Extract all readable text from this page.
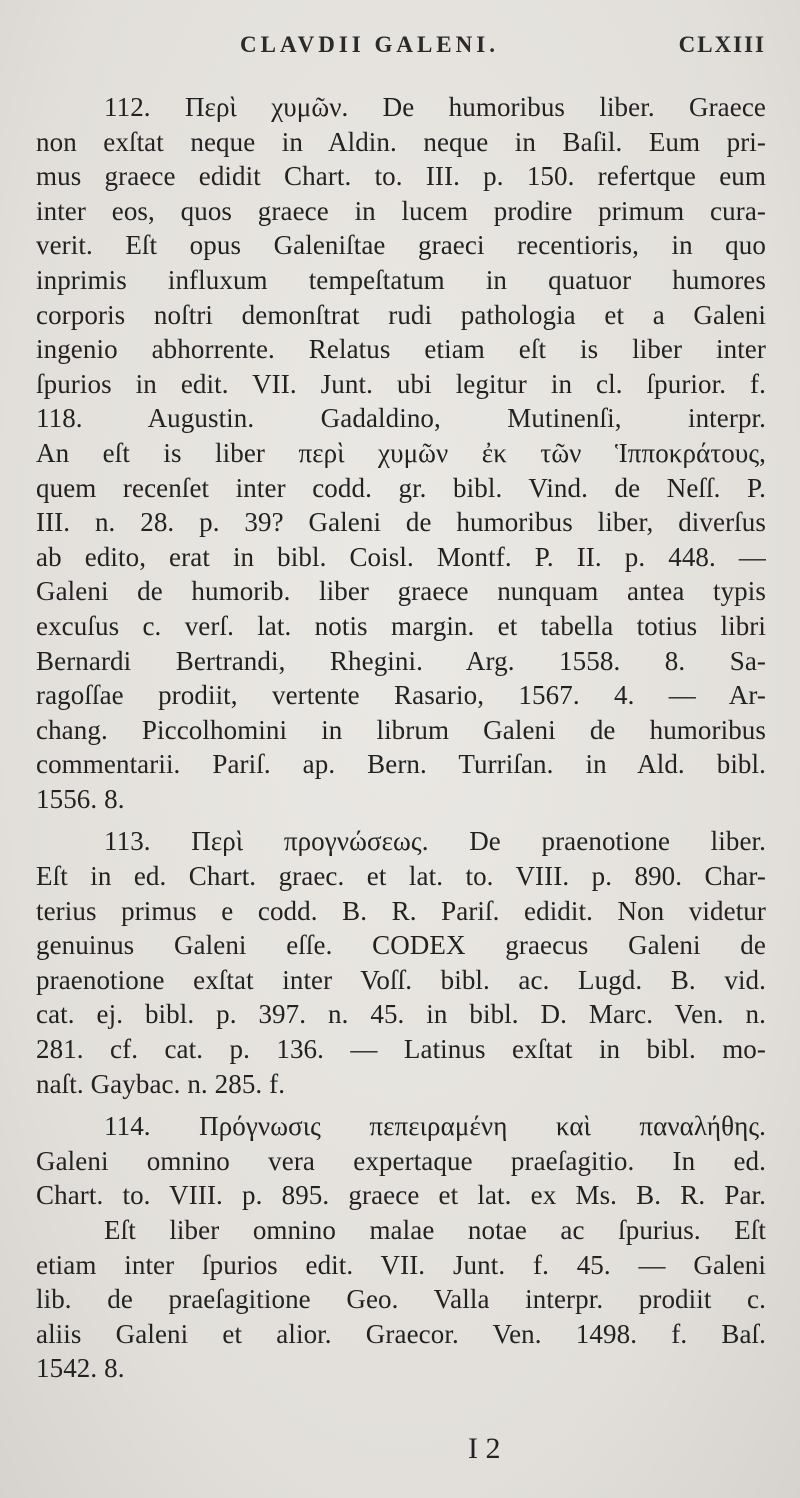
CLAVDII GALENI.	CLXIII
112. Περὶ χυμῶν. De humoribus liber. Graece
non exſtat neque in Aldin. neque in Baſil. Eum pri-
mus graece edidit Chart. to. III. p. 150. refertque eum
inter eos, quos graece in lucem prodire primum cura-
verit. Eſt opus Galeniſtae graeci recentioris, in quo
inprimis influxum tempeſtatum in quatuor humores
corporis noſtri demonſtrat rudi pathologia et a Galeni
ingenio abhorrente. Relatus etiam eſt is liber inter
ſpurios in edit. VII. Junt. ubi legitur in cl. ſpurior. f.
118. Augustin. Gadaldino, Mutinenſi, interpr.
An eſt is liber περὶ χυμῶν ἐκ τῶν Ἱπποκράτους,
quem recenſet inter codd. gr. bibl. Vind. de Neſſ. P.
III. n. 28. p. 39? Galeni de humoribus liber, diverſus
ab edito, erat in bibl. Coisl. Montf. P. II. p. 448. —
Galeni de humorib. liber graece nunquam antea typis
excuſus c. verſ. lat. notis margin. et tabella totius libri
Bernardi Bertrandi, Rhegini. Arg. 1558. 8. Sa-
ragoſſae prodiit, vertente Rasario, 1567. 4. — Ar-
chang. Piccolhomini in librum Galeni de humoribus
commentarii. Pariſ. ap. Bern. Turriſan. in Ald. bibl.
1556. 8.
113. Περὶ προγνώσεως. De praenotione liber.
Eſt in ed. Chart. graec. et lat. to. VIII. p. 890. Char-
terius primus e codd. B. R. Pariſ. edidit. Non videtur
genuinus Galeni eſſe. CODEX graecus Galeni de
praenotione exſtat inter Voſſ. bibl. ac. Lugd. B. vid.
cat. ej. bibl. p. 397. n. 45. in bibl. D. Marc. Ven. n.
281. cf. cat. p. 136. — Latinus exſtat in bibl. mo-
naſt. Gaybac. n. 285. f.
114. Πρόγνωσις πεπειραμένη καὶ παναλήθης.
Galeni omnino vera expertaque praeſagitio. In ed.
Chart. to. VIII. p. 895. graece et lat. ex Ms. B. R. Par.
Eſt liber omnino malae notae ac ſpurius. Eſt
etiam inter ſpurios edit. VII. Junt. f. 45. — Galeni
lib. de praeſagitione Geo. Valla interpr. prodiit c.
aliis Galeni et alior. Graecor. Ven. 1498. f. Baſ.
1542. 8.
I 2
